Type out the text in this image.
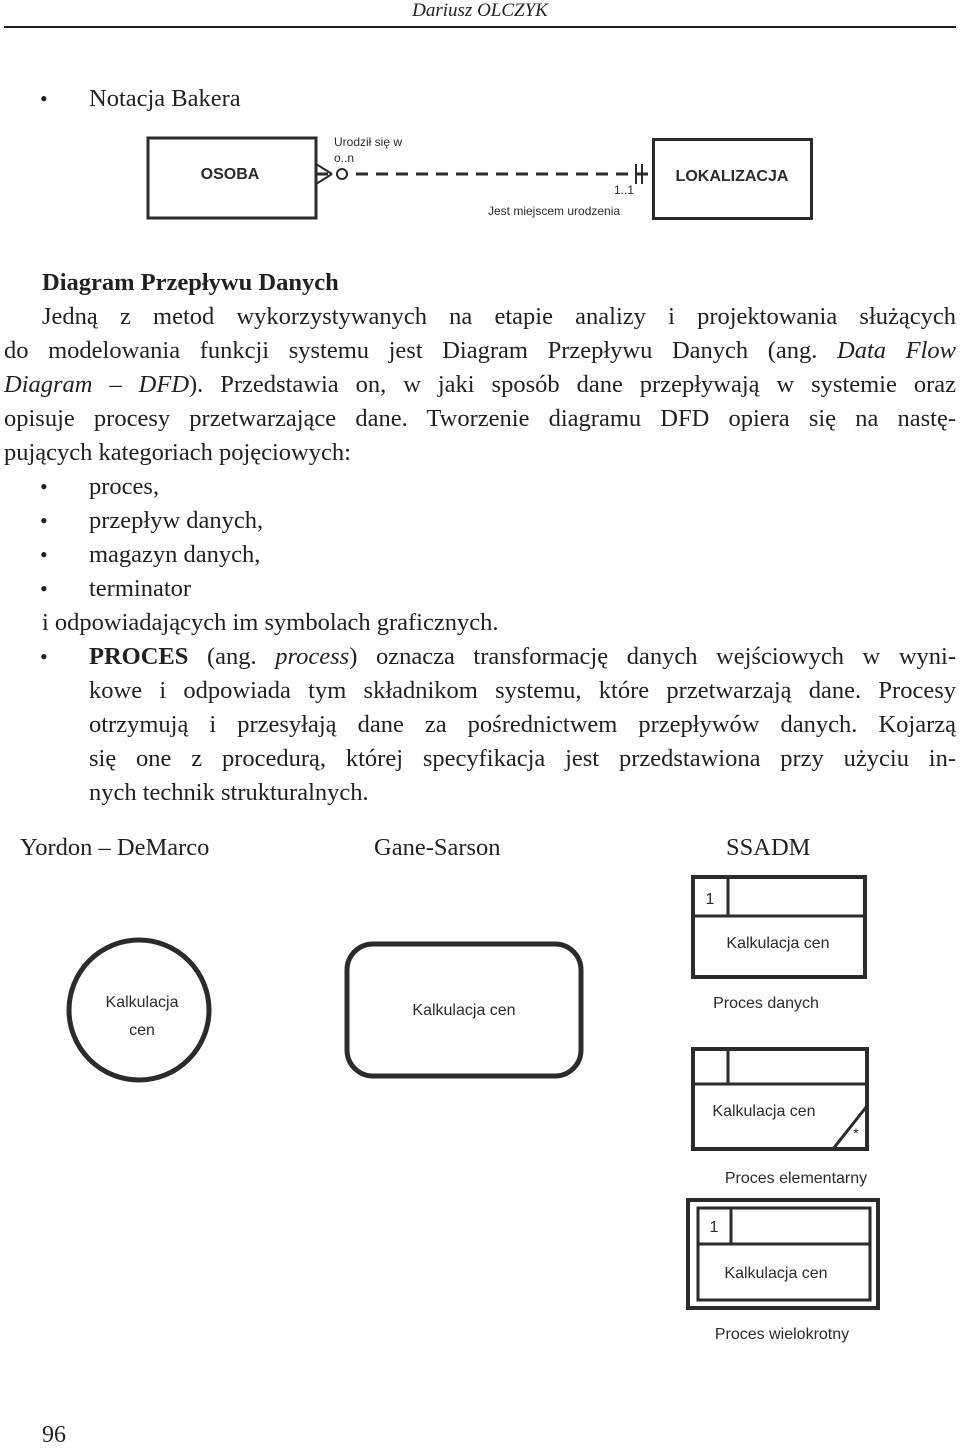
Dariusz OLCZYK
• Notacja Bakera
OSOBA	LOKALIZACJA
Urodził się w
o..n
1..1
Jest miejscem urodzenia
Diagram Przepływu Danych
Jedną z metod wykorzystywanych na etapie analizy i projektowania służących
do modelowania funkcji systemu jest Diagram Przepływu Danych (ang. Data Flow
Diagram – DFD). Przedstawia on, w jaki sposób dane przepływają w systemie oraz
opisuje procesy przetwarzające dane. Tworzenie diagramu DFD opiera się na nastę-
pujących kategoriach pojęciowych:
• proces,
• przepływ danych,
• magazyn danych,
• terminator
i odpowiadających im symbolach graficznych.
• PROCES (ang. process) oznacza transformację danych wejściowych w wyni-
kowe i odpowiada tym składnikom systemu, które przetwarzają dane. Procesy
otrzymują i przesyłają dane za pośrednictwem przepływów danych. Kojarzą
się one z procedurą, której specyfikacja jest przedstawiona przy użyciu in-
nych technik strukturalnych.
Yordon – DeMarco	Gane-Sarson	SSADM
Kalkulacja
cen
Kalkulacja cen
1
Kalkulacja cen
Proces danych
Kalkulacja cen
*
Proces elementarny
1
Kalkulacja cen
Proces wielokrotny
96
